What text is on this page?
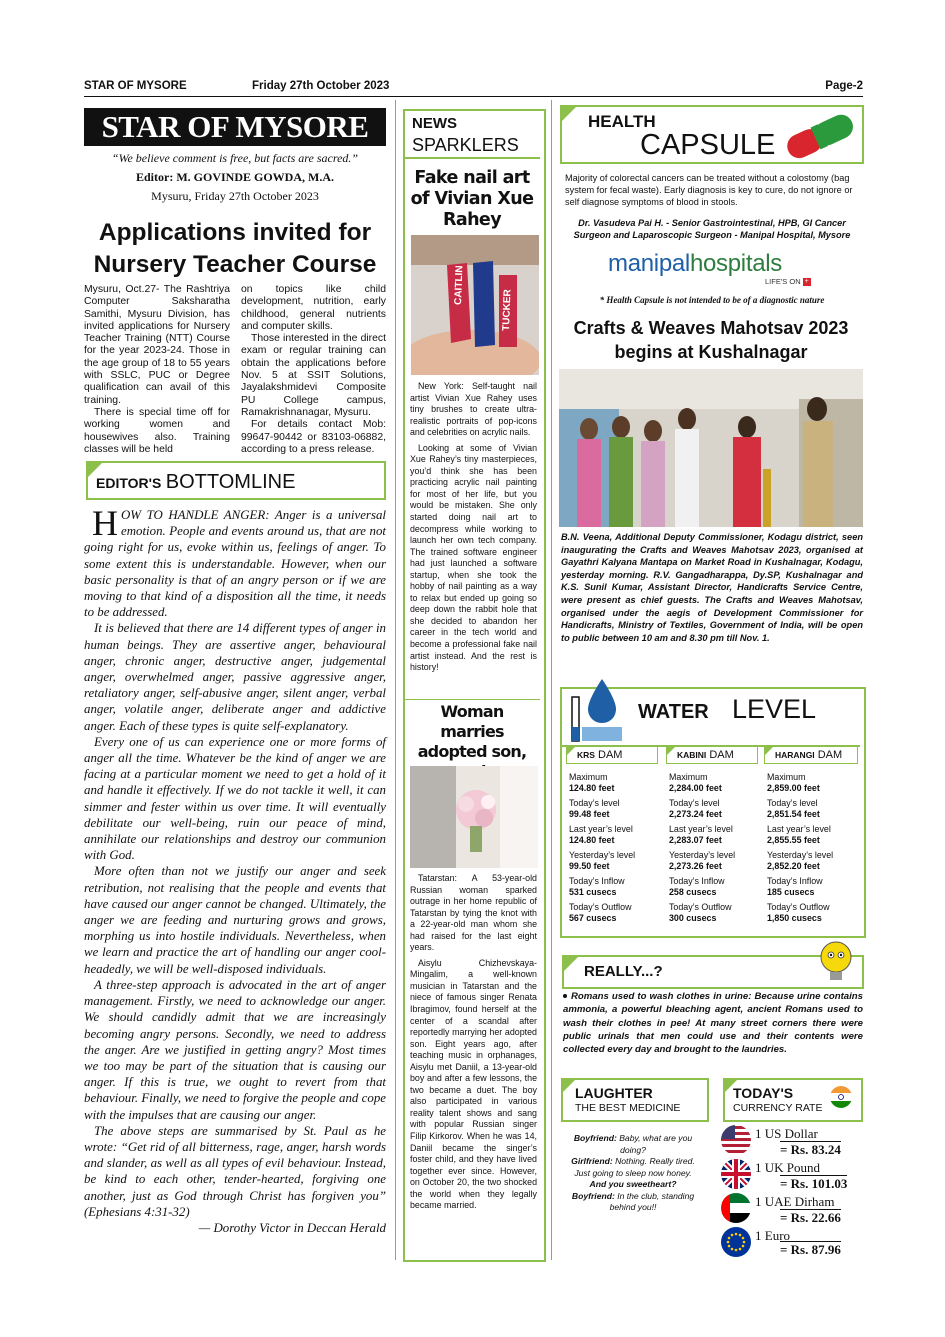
STAR OF MYSORE	Friday 27th October 2023	Page-2
STAR OF MYSORE
“We believe comment is free, but facts are sacred.”
Editor: M. GOVINDE GOWDA, M.A.
Mysuru, Friday 27th October 2023
Applications invited for
Nursery Teacher Course

Mysuru, Oct.27- The Rashtriya Computer Saksharatha Samithi, Mysuru Division, has invited applications for Nursery Teacher Training (NTT) Course for the year 2023-24. Those in the age group of 18 to 55 years with SSLC, PUC or Degree qualification can avail of this training.

There is special time off for working women and housewives also. Training classes will be held

on topics like child development, nutrition, early childhood, general nutrients and computer skills.

Those interested in the direct exam or regular training can obtain the applications before Nov. 5 at SSIT Solutions, Jayalakshmidevi Composite PU College campus, Ramakrishnanagar, Mysuru.

For details contact Mob: 99647-90442 or 83103-06882, according to a press release.

EDITOR'S BOTTOMLINE

HOW TO HANDLE ANGER: Anger is a universal emotion. People and events around us, that are not going right for us, evoke within us, feelings of anger. To some extent this is understandable. However, when our basic personality is that of an angry person or if we are moving to that kind of a disposition all the time, it needs to be addressed.

It is believed that there are 14 different types of anger in human beings. They are assertive anger, behavioural anger, chronic anger, destructive anger, judgemental anger, overwhelmed anger, passive aggressive anger, retaliatory anger, self-abusive anger, silent anger, verbal anger, volatile anger, deliberate anger and addictive anger. Each of these types is quite self-explanatory.

Every one of us can experience one or more forms of anger all the time. Whatever be the kind of anger we are facing at a particular moment we need to get a hold of it and handle it effectively. If we do not tackle it well, it can simmer and fester within us over time. It will eventually debilitate our well-being, ruin our peace of mind, annihilate our relationships and destroy our communion with God.

More often than not we justify our anger and seek retribution, not realising that the people and events that have caused our anger cannot be changed. Ultimately, the anger we are feeding and nurturing grows and grows, morphing us into hostile individuals. Nevertheless, when we learn and practice the art of handling our anger cool-headedly, we will be well-disposed individuals.

A three-step approach is advocated in the art of anger management. Firstly, we need to acknowledge our anger. We should candidly admit that we are increasingly becoming angry persons. Secondly, we need to address the anger. Are we justified in getting angry? Most times we too may be part of the situation that is causing our anger. If this is true, we ought to revert from that behaviour. Finally, we need to forgive the people and cope with the impulses that are causing our anger.

The above steps are summarised by St. Paul as he wrote: “Get rid of all bitterness, rage, anger, harsh words and slander, as well as all types of evil behaviour. Instead, be kind to each other, tender-hearted, forgiving one another, just as God through Christ has forgiven you” (Ephesians 4:31-32)

— Dorothy Victor in Deccan Herald
NEWS
SPARKLERS
Fake nail art of Vivian Xue Rahey
CAITLIN
TUCKER

New York: Self-taught nail artist Vivian Xue Rahey uses tiny brushes to create ultra-realistic portraits of pop-icons and celebrities on acrylic nails.

Looking at some of Vivian Xue Rahey’s tiny masterpieces, you’d think she has been practicing acrylic nail painting for most of her life, but you would be mistaken. She only started doing nail art to decompress while working to launch her own tech company. The trained software engineer had just launched a software startup, when she took the hobby of nail painting as a way to relax but ended up going so deep down the rabbit hole that she decided to abandon her career in the tech world and become a professional fake nail artist instead. And the rest is history!

Woman marries adopted son,

Tatarstan: A 53-year-old Russian woman sparked outrage in her home republic of Tatarstan by tying the knot with a 22-year-old man whom she had raised for the last eight years.

Aisylu Chizhevskaya-Mingalim, a well-known musician in Tatarstan and the niece of famous singer Renata Ibragimov, found herself at the center of a scandal after reportedly marrying her adopted son. Eight years ago, after teaching music in orphanages, Aisylu met Daniil, a 13-year-old boy and after a few lessons, the two became a duet. The boy also participated in various reality talent shows and sang with popular Russian singer Filip Kirkorov. When he was 14, Daniil became the singer’s foster child, and they have lived together ever since. However, on October 20, the two shocked the world when they legally became married.

HEALTH
CAPSULE
Majority of colorectal cancers can be treated without a colostomy (bag system for fecal waste). Early diagnosis is key to cure, do not ignore or self diagnose symptoms of blood in stools.
Dr. Vasudeva Pai H. - Senior Gastrointestinal, HPB, GI Cancer Surgeon and Laparoscopic Surgeon - Manipal Hospital, Mysore
manipalhospitals
LIFE'S ON +
* Health Capsule is not intended to be of a diagnostic nature
Crafts & Weaves Mahotsav 2023
begins at Kushalnagar
B.N. Veena, Additional Deputy Commissioner, Kodagu district, seen inaugurating the Crafts and Weaves Mahotsav 2023, organised at Gayathri Kalyana Mantapa on Market Road in Kushalnagar, Kodagu, yesterday morning. R.V. Gangadharappa, Dy.SP, Kushalnagar and K.S. Sunil Kumar, Assistant Director, Handicrafts Service Centre, were present as chief guests. The Crafts and Weaves Mahotsav, organised under the aegis of Development Commissioner for Handicrafts, Ministry of Textiles, Government of India, will be open to public between 10 am and 8.30 pm till Nov. 1.
WATER LEVEL
KRS DAM
Maximum
124.80 feet
Today’s level
99.48 feet
Last year’s level
124.80 feet
Yesterday’s level
99.50 feet
Today’s Inflow
531 cusecs
Today’s Outflow
567 cusecs
KABINI DAM
Maximum
2,284.00 feet
Today’s level
2,273.24 feet
Last year’s level
2,283.07 feet
Yesterday’s level
2,273.26 feet
Today’s Inflow
258 cusecs
Today’s Outflow
300 cusecs
HARANGI DAM
Maximum
2,859.00 feet
Today’s level
2,851.54 feet
Last year’s level
2,855.55 feet
Yesterday’s level
2,852.20 feet
Today’s Inflow
185 cusecs
Today’s Outflow
1,850 cusecs
REALLY...?
Romans used to wash clothes in urine: Because urine contains ammonia, a powerful bleaching agent, ancient Romans used to wash their clothes in pee! At many street corners there were public urinals that men could use and their contents were collected every day and brought to the laundries.
LAUGHTER
THE BEST MEDICINE
Boyfriend: Baby, what are you doing?
Girlfriend: Nothing. Really tired. Just going to sleep now honey.
And you sweetheart?
Boyfriend: In the club, standing behind you!!
TODAY'S
CURRENCY RATE
1 US Dollar
= Rs. 83.24
1 UK Pound
= Rs. 101.03
1 UAE Dirham
= Rs. 22.66
1 Euro
= Rs. 87.96
